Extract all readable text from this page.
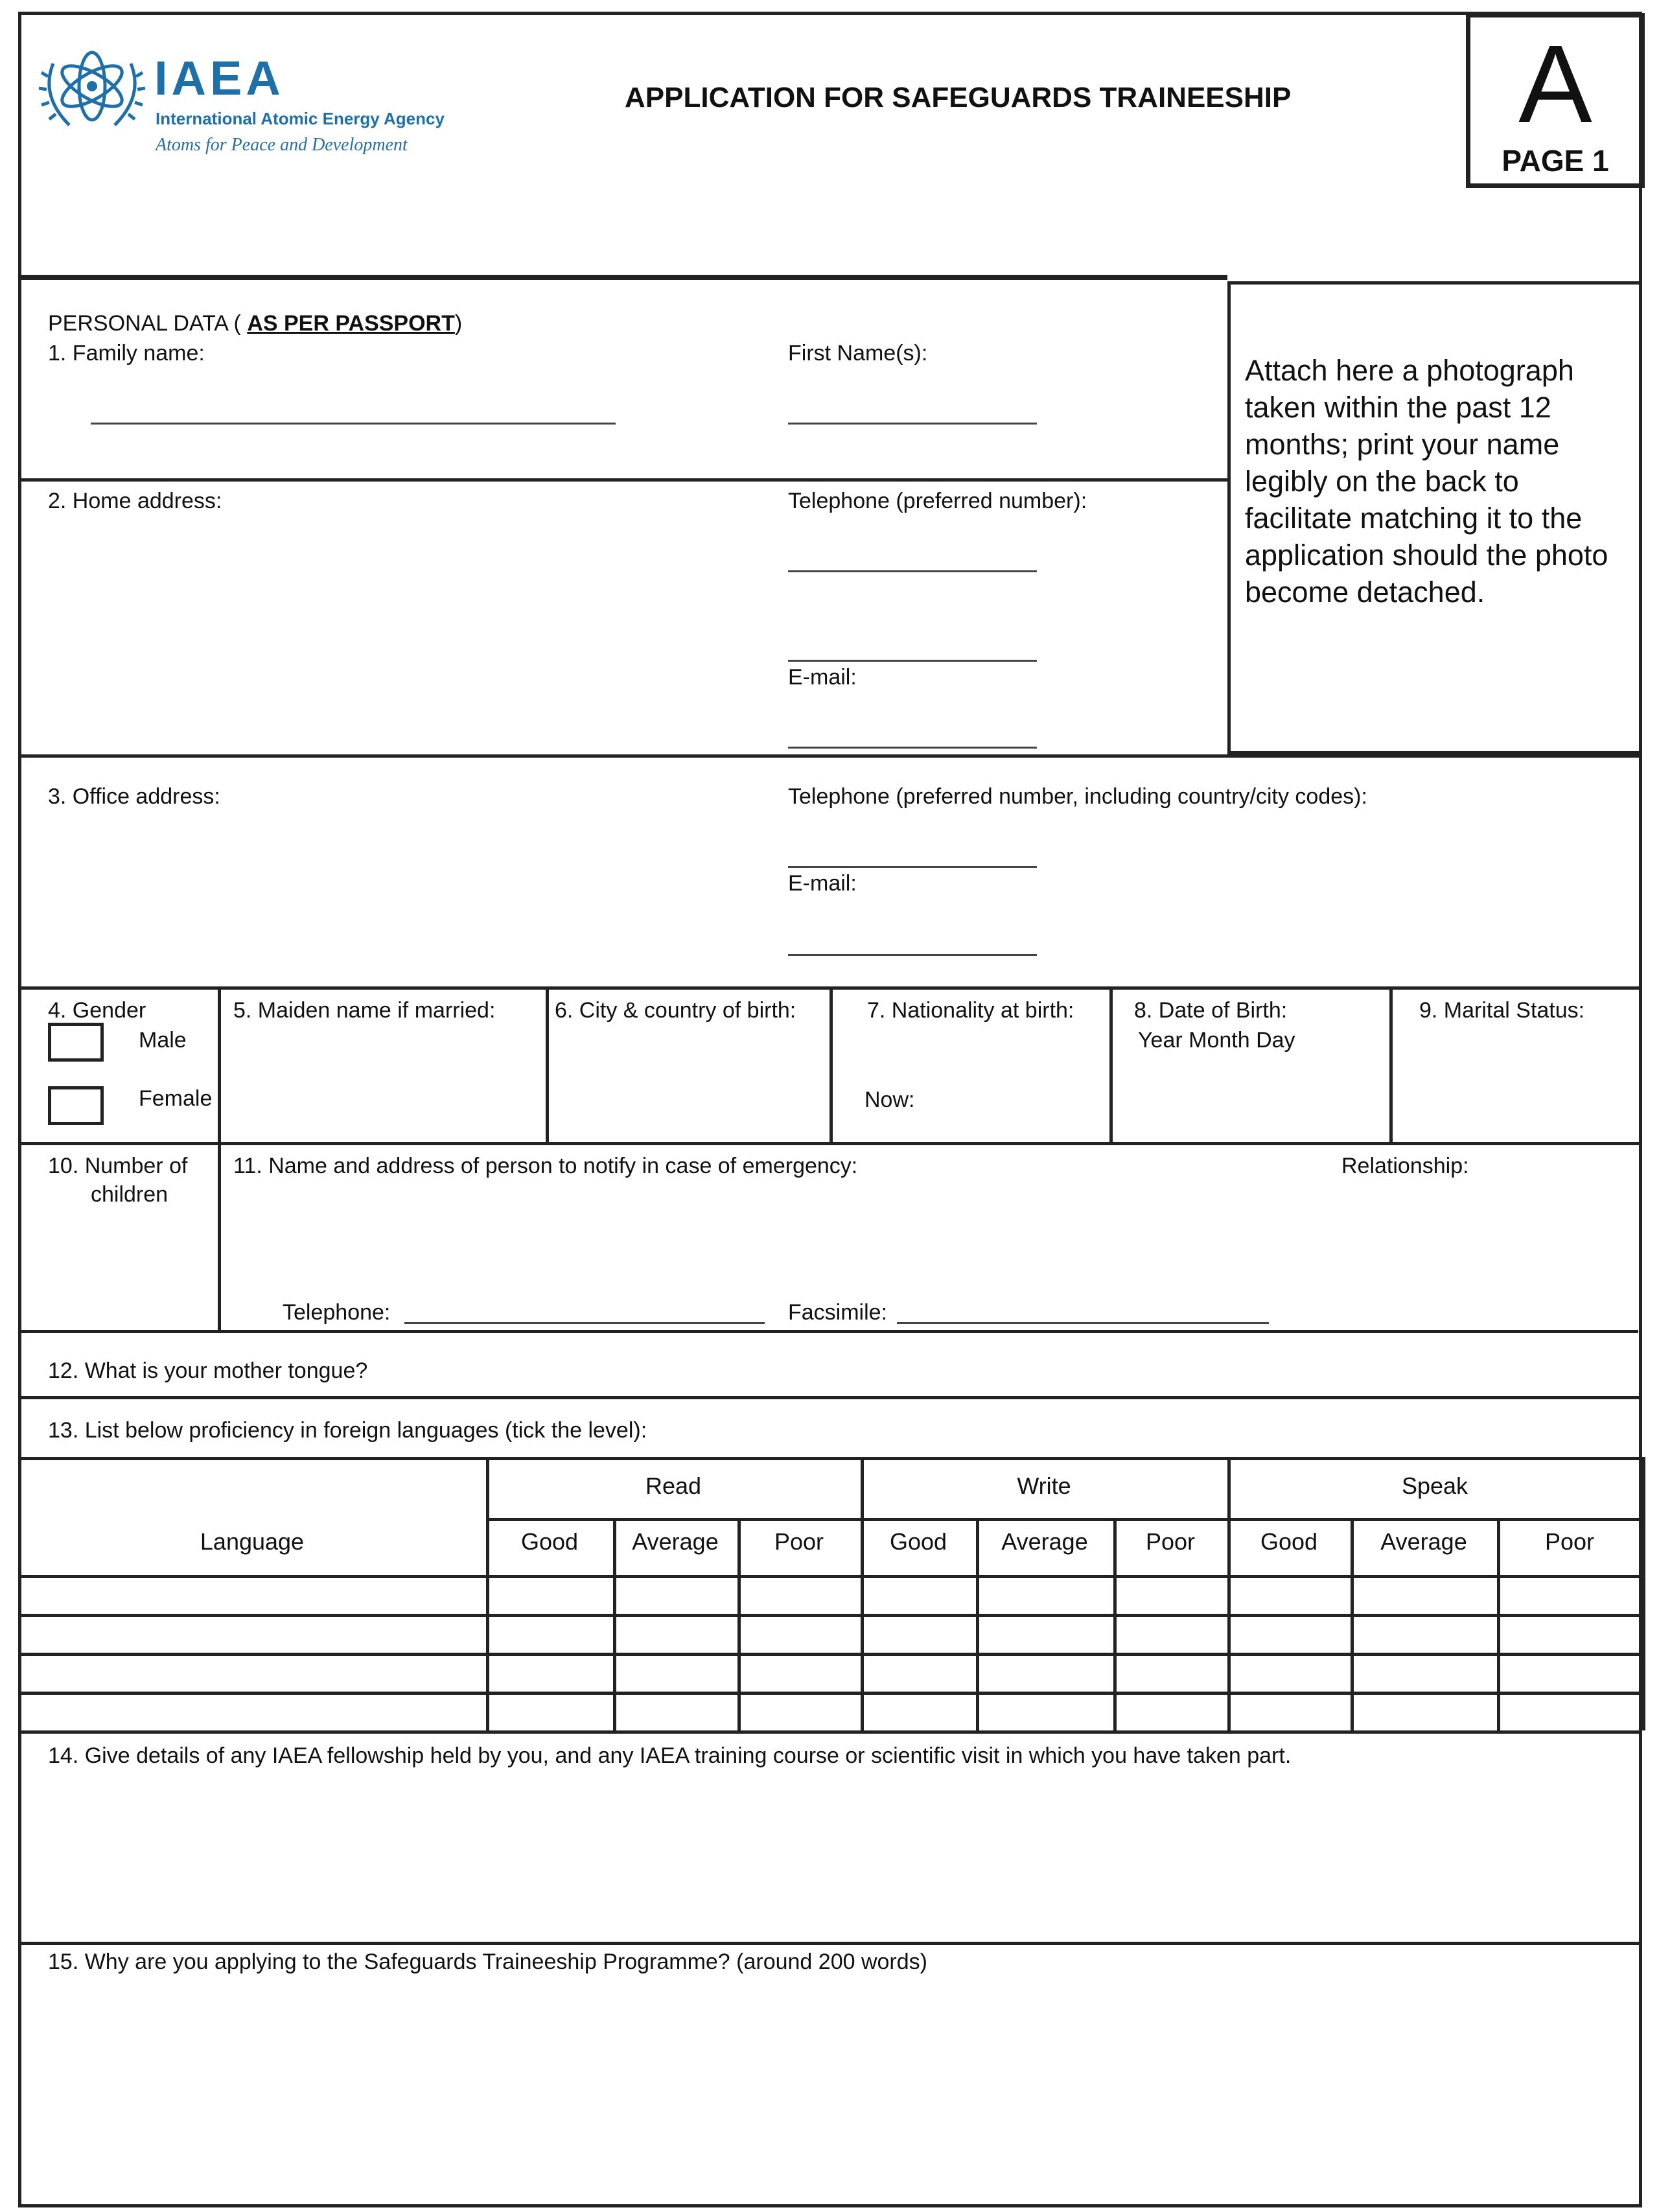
IAEA
International Atomic Energy Agency
Atoms for Peace and Development
APPLICATION FOR SAFEGUARDS TRAINEESHIP	A
PAGE 1
PERSONAL DATA ( AS PER PASSPORT)
1. Family name:	First Name(s):
2. Home address:	Telephone (preferred number):
E-mail:
Attach here a photograph taken within the past 12 months; print your name legibly on the back to facilitate matching it to the application should the photo become detached.
3. Office address:	Telephone (preferred number, including country/city codes):
E-mail:
4. Gender
Male
Female
5. Maiden name if married:	6. City & country of birth:	7. Nationality at birth:
Now:
8. Date of Birth:
Year Month Day
9. Marital Status:
10. Number of
children
11. Name and address of person to notify in case of emergency:	Relationship:
Telephone:	Facsimile:
12. What is your mother tongue?
13. List below proficiency in foreign languages (tick the level):
Language
Read
Good	Average	Poor
Write
Good	Average	Poor
Speak
Good	Average	Poor
14. Give details of any IAEA fellowship held by you, and any IAEA training course or scientific visit in which you have taken part.
15. Why are you applying to the Safeguards Traineeship Programme? (around 200 words)
